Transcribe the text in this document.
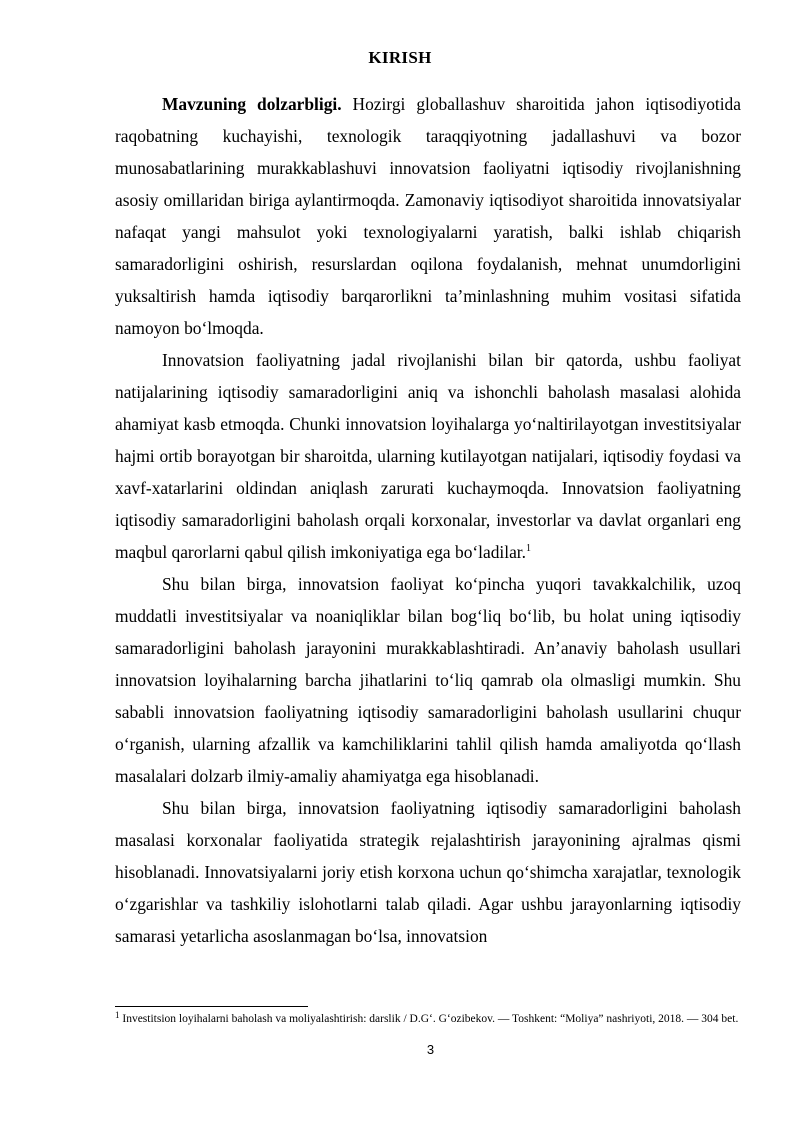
KIRISH

Mavzuning dolzarbligi. Hozirgi globallashuv sharoitida jahon iqtisodiyotida raqobatning kuchayishi, texnologik taraqqiyotning jadallashuvi va bozor munosabatlarining murakkablashuvi innovatsion faoliyatni iqtisodiy rivojlanishning asosiy omillaridan biriga aylantirmoqda. Zamonaviy iqtisodiyot sharoitida innovatsiyalar nafaqat yangi mahsulot yoki texnologiyalarni yaratish, balki ishlab chiqarish samaradorligini oshirish, resurslardan oqilona foydalanish, mehnat unumdorligini yuksaltirish hamda iqtisodiy barqarorlikni ta’minlashning muhim vositasi sifatida namoyon bo‘lmoqda.

Innovatsion faoliyatning jadal rivojlanishi bilan bir qatorda, ushbu faoliyat natijalarining iqtisodiy samaradorligini aniq va ishonchli baholash masalasi alohida ahamiyat kasb etmoqda. Chunki innovatsion loyihalarga yo‘naltirilayotgan investitsiyalar hajmi ortib borayotgan bir sharoitda, ularning kutilayotgan natijalari, iqtisodiy foydasi va xavf-xatarlarini oldindan aniqlash zarurati kuchaymoqda. Innovatsion faoliyatning iqtisodiy samaradorligini baholash orqali korxonalar, investorlar va davlat organlari eng maqbul qarorlarni qabul qilish imkoniyatiga ega bo‘ladilar.$^1$

Shu bilan birga, innovatsion faoliyat ko‘pincha yuqori tavakkalchilik, uzoq muddatli investitsiyalar va noaniqliklar bilan bog‘liq bo‘lib, bu holat uning iqtisodiy samaradorligini baholash jarayonini murakkablashtiradi. An’anaviy baholash usullari innovatsion loyihalarning barcha jihatlarini to‘liq qamrab ola olmasligi mumkin. Shu sababli innovatsion faoliyatning iqtisodiy samaradorligini baholash usullarini chuqur o‘rganish, ularning afzallik va kamchiliklarini tahlil qilish hamda amaliyotda qo‘llash masalalari dolzarb ilmiy-amaliy ahamiyatga ega hisoblanadi.

Shu bilan birga, innovatsion faoliyatning iqtisodiy samaradorligini baholash masalasi korxonalar faoliyatida strategik rejalashtirish jarayonining ajralmas qismi hisoblanadi. Innovatsiyalarni joriy etish korxona uchun qo‘shimcha xarajatlar, texnologik o‘zgarishlar va tashkiliy islohotlarni talab qiladi. Agar ushbu jarayonlarning iqtisodiy samarasi yetarlicha asoslanmagan bo‘lsa, innovatsion

$^1$ Investitsion loyihalarni baholash va moliyalashtirish: darslik / D.G‘. G‘ozibekov. — Toshkent: “Moliya” nashriyoti, 2018. — 304 bet.
3
